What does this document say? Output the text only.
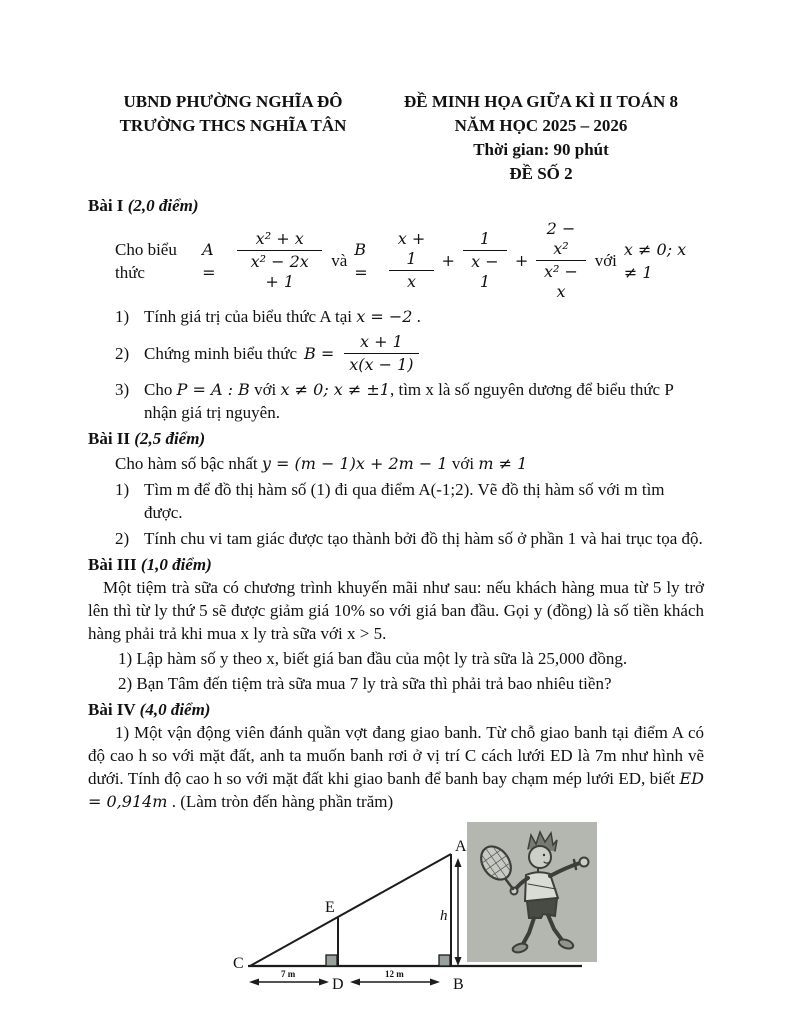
UBND PHƯỜNG NGHĨA ĐÔ
TRƯỜNG THCS NGHĨA TÂN
ĐỀ MINH HỌA GIỮA KÌ II TOÁN 8
NĂM HỌC 2025 – 2026
Thời gian: 90 phút
ĐỀ SỐ 2
Bài I (2,0 điểm)
Cho biểu thức
A =	$\frac{\text{x² + x}}{\text{x² − 2x + 1}}$ và
B =	$\frac{x + 1}{x} + \frac{1}{x - 1} + \frac{\text{2 − x²}}{\text{x² − x}}$ với
x ≠ 0; x ≠ 1
1) Tính giá trị của biểu thức A tại x = −2 .
2) Chứng minh biểu thức $B = \frac{x + 1}{x(x - 1)}$
3) Cho P = A : B với x ≠ 0; x ≠ ±1, tìm x là số nguyên dương để biểu thức P nhận giá trị nguyên.
Bài II (2,5 điểm)
Cho hàm số bậc nhất y = (m − 1)x + 2m − 1 với m ≠ 1
1) Tìm m để đồ thị hàm số (1) đi qua điểm A(-1;2). Vẽ đồ thị hàm số với m tìm được.
2) Tính chu vi tam giác được tạo thành bởi đồ thị hàm số ở phần 1 và hai trục tọa độ.
Bài III (1,0 điểm)

Một tiệm trà sữa có chương trình khuyến mãi như sau: nếu khách hàng mua từ 5 ly trở lên thì từ ly thứ 5 sẽ được giảm giá 10% so với giá ban đầu. Gọi y (đồng) là số tiền khách hàng phải trả khi mua x ly trà sữa với x > 5.

1) Lập hàm số y theo x, biết giá ban đầu của một ly trà sữa là 25,000 đồng.
2) Bạn Tâm đến tiệm trà sữa mua 7 ly trà sữa thì phải trả bao nhiêu tiền?
Bài IV (4,0 điểm)

1) Một vận động viên đánh quần vợt đang giao banh. Từ chỗ giao banh tại điểm A có độ cao h so với mặt đất, anh ta muốn banh rơi ở vị trí C cách lưới ED là 7m như hình vẽ dưới. Tính độ cao h so với mặt đất khi giao banh để banh bay chạm mép lưới ED, biết ED = 0,914m . (Làm tròn đến hàng phần trăm)

A
E	h
C
D	B
7 m	12 m
